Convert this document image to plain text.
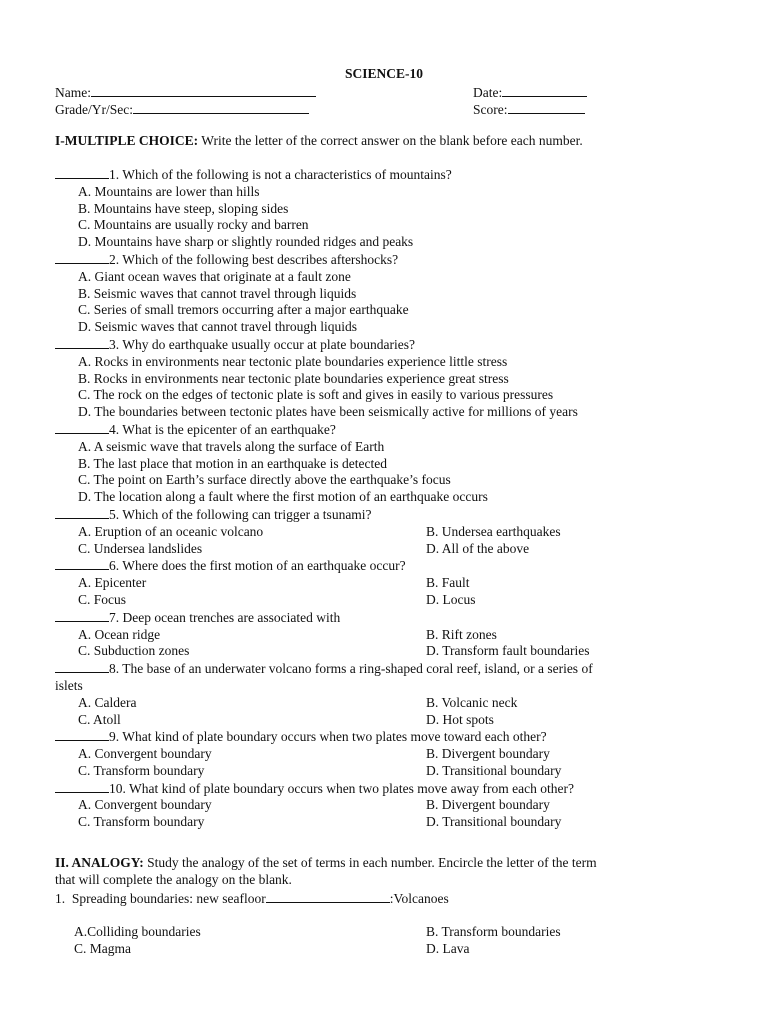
SCIENCE-10
Name:	Date:
Grade/Yr/Sec:	Score:
I-MULTIPLE CHOICE: Write the letter of the correct answer on the blank before each number.
1. Which of the following is not a characteristics of mountains?
A. Mountains are lower than hills
B. Mountains have steep, sloping sides
C. Mountains are usually rocky and barren
D. Mountains have sharp or slightly rounded ridges and peaks
2. Which of the following best describes aftershocks?
A. Giant ocean waves that originate at a fault zone
B. Seismic waves that cannot travel through liquids
C. Series of small tremors occurring after a major earthquake
D. Seismic waves that cannot travel through liquids
3. Why do earthquake usually occur at plate boundaries?
A. Rocks in environments near tectonic plate boundaries experience little stress
B. Rocks in environments near tectonic plate boundaries experience great stress
C. The rock on the edges of tectonic plate is soft and gives in easily to various pressures
D. The boundaries between tectonic plates have been seismically active for millions of years
4. What is the epicenter of an earthquake?
A. A seismic wave that travels along the surface of Earth
B. The last place that motion in an earthquake is detected
C. The point on Earth’s surface directly above the earthquake’s focus
D. The location along a fault where the first motion of an earthquake occurs
5. Which of the following can trigger a tsunami?
A. Eruption of an oceanic volcano	B. Undersea earthquakes
C. Undersea landslides	D. All of the above
6. Where does the first motion of an earthquake occur?
A. Epicenter	B. Fault
C. Focus	D. Locus
7. Deep ocean trenches are associated with
A. Ocean ridge	B. Rift zones
C. Subduction zones	D. Transform fault boundaries
8. The base of an underwater volcano forms a ring-shaped coral reef, island, or a series of
islets
A. Caldera	B. Volcanic neck
C. Atoll	D. Hot spots
9. What kind of plate boundary occurs when two plates move toward each other?
A. Convergent boundary	B. Divergent boundary
C. Transform boundary	D. Transitional boundary
10. What kind of plate boundary occurs when two plates move away from each other?
A. Convergent boundary	B. Divergent boundary
C. Transform boundary	D. Transitional boundary
II. ANALOGY: Study the analogy of the set of terms in each number. Encircle the letter of the term
that will complete the analogy on the blank.
1. Spreading boundaries: new seafloor	:Volcanoes
A.Colliding boundaries	B. Transform boundaries
C. Magma	D. Lava
